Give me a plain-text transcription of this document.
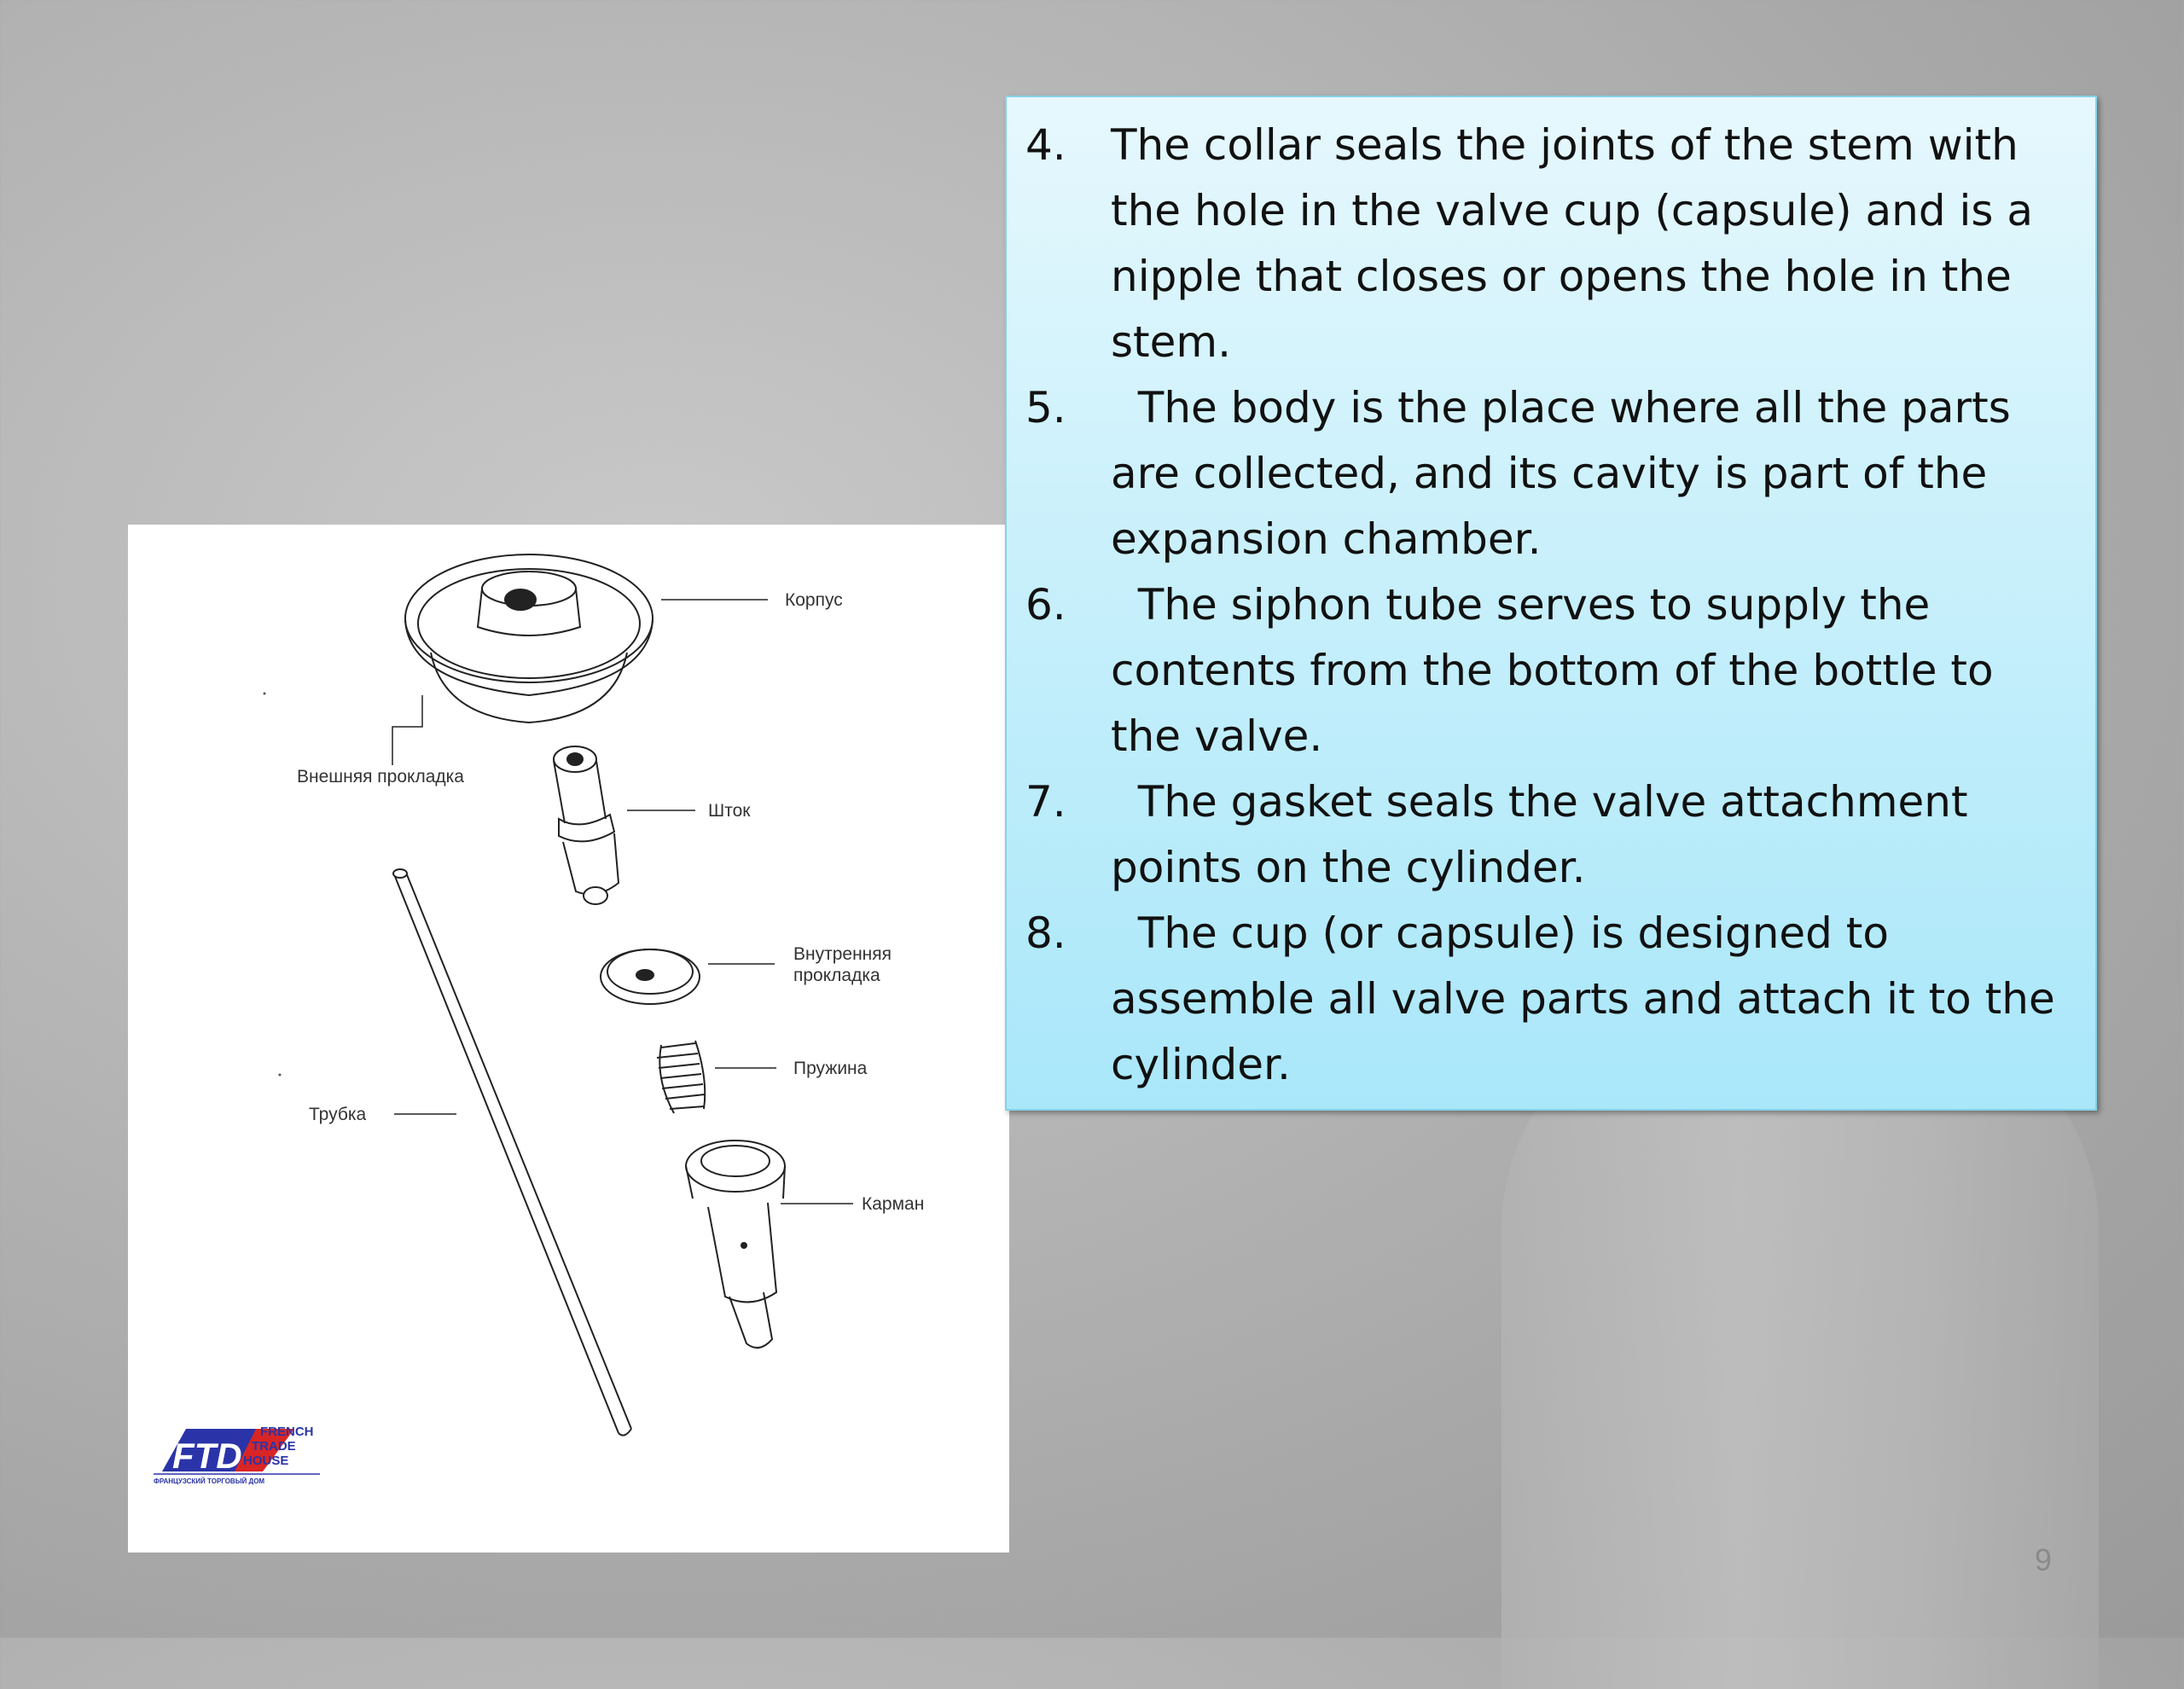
Корпус
Внешняя прокладка
Шток
Внутренняя
прокладка
Пружина
Трубка
Карман
FTD
FRENCH
TRADE
HOUSE
ФРАНЦУЗСКИЙ ТОРГОВЫЙ ДОМ
4. The collar seals the joints of the stem with the hole in the valve cup (capsule) and is a nipple that closes or opens the hole in the stem.
5. The body is the place where all the parts are collected, and its cavity is part of the expansion chamber.
6. The siphon tube serves to supply the contents from the bottom of the bottle to the valve.
7. The gasket seals the valve attachment points on the cylinder.
8. The cup (or capsule) is designed to assemble all valve parts and attach it to the cylinder.
9
